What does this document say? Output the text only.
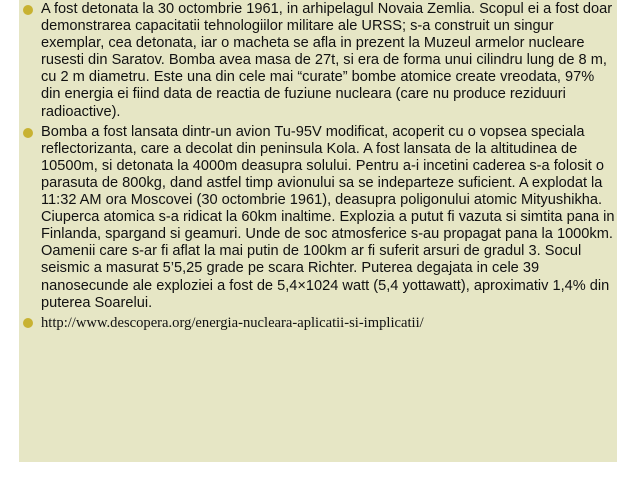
A fost detonata la 30 octombrie 1961, in arhipelagul Novaia Zemlia. Scopul ei a fost doar demonstrarea capacitatii tehnologiilor militare ale URSS; s-a construit un singur exemplar, cea detonata, iar o macheta se afla in prezent la Muzeul armelor nucleare rusesti din Saratov. Bomba avea masa de 27t, si era de forma unui cilindru lung de 8 m, cu 2 m diametru. Este una din cele mai “curate” bombe atomice create vreodata, 97% din energia ei fiind data de reactia de fuziune nucleara (care nu produce reziduuri radioactive).
Bomba a fost lansata dintr-un avion Tu-95V modificat, acoperit cu o vopsea speciala reflectorizanta, care a decolat din peninsula Kola. A fost lansata de la altitudinea de 10500m, si detonata la 4000m deasupra solului. Pentru a-i incetini caderea s-a folosit o parasuta de 800kg, dand astfel timp avionului sa se indeparteze suficient. A explodat la 11:32 AM ora Moscovei (30 octombrie 1961), deasupra poligonului atomic Mityushikha. Ciuperca atomica s-a ridicat la 60km inaltime. Explozia a putut fi vazuta si simtita pana in Finlanda, spargand si geamuri. Unde de soc atmosferice s-au propagat pana la 1000km. Oamenii care s-ar fi aflat la mai putin de 100km ar fi suferit arsuri de gradul 3. Socul seismic a masurat 5’5,25 grade pe scara Richter. Puterea degajata in cele 39 nanosecunde ale exploziei a fost de 5,4×1024 watt (5,4 yottawatt), aproximativ 1,4% din puterea Soarelui.
http://www.descopera.org/energia-nucleara-aplicatii-si-implicatii/
